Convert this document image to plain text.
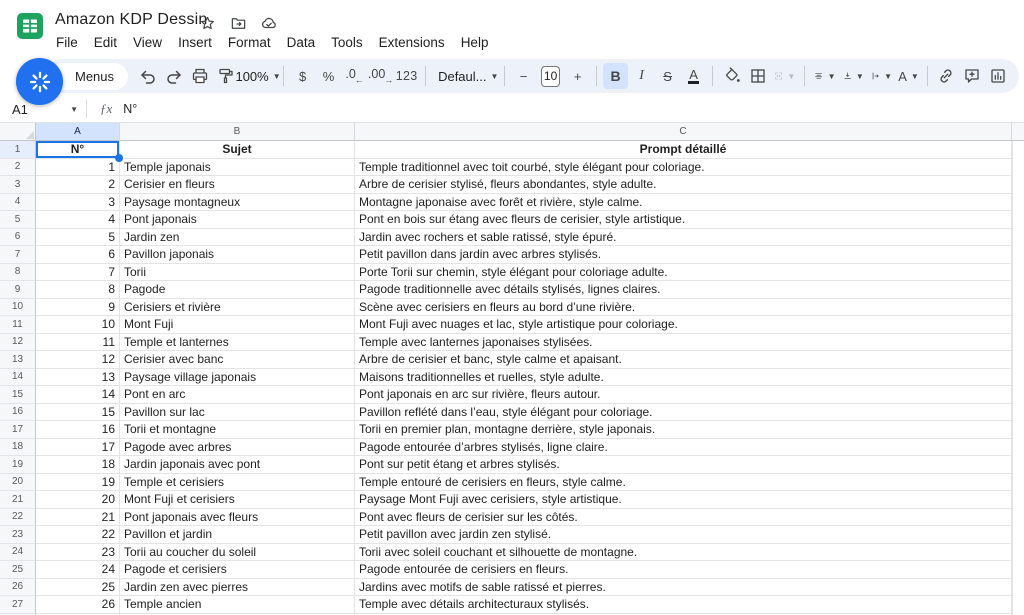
Amazon KDP Dessin
File	Edit	View	Insert	Format	Data	Tools	Extensions	Help
Menus	100% ▼	$	% .0 ← .00 → 123 Defaul... ▼	−	10	+	B I S A	▼	▼	▼	▼ A ▼
A1	▼ ƒx N°
A	B	C
1	N°	Sujet	Prompt détaillé
2	1 Temple japonais	Temple traditionnel avec toit courbé, style élégant pour coloriage.
3	2 Cerisier en fleurs	Arbre de cerisier stylisé, fleurs abondantes, style adulte.
4	3 Paysage montagneux	Montagne japonaise avec forêt et rivière, style calme.
5	4 Pont japonais	Pont en bois sur étang avec fleurs de cerisier, style artistique.
6	5 Jardin zen	Jardin avec rochers et sable ratissé, style épuré.
7	6 Pavillon japonais	Petit pavillon dans jardin avec arbres stylisés.
8	7 Torii	Porte Torii sur chemin, style élégant pour coloriage adulte.
9	8 Pagode	Pagode traditionnelle avec détails stylisés, lignes claires.
10	9 Cerisiers et rivière	Scène avec cerisiers en fleurs au bord d’une rivière.
11	10 Mont Fuji	Mont Fuji avec nuages et lac, style artistique pour coloriage.
12	11 Temple et lanternes	Temple avec lanternes japonaises stylisées.
13	12 Cerisier avec banc	Arbre de cerisier et banc, style calme et apaisant.
14	13 Paysage village japonais	Maisons traditionnelles et ruelles, style adulte.
15	14 Pont en arc	Pont japonais en arc sur rivière, fleurs autour.
16	15 Pavillon sur lac	Pavillon reflété dans l’eau, style élégant pour coloriage.
17	16 Torii et montagne	Torii en premier plan, montagne derrière, style japonais.
18	17 Pagode avec arbres	Pagode entourée d’arbres stylisés, ligne claire.
19	18 Jardin japonais avec pont	Pont sur petit étang et arbres stylisés.
20	19 Temple et cerisiers	Temple entouré de cerisiers en fleurs, style calme.
21	20 Mont Fuji et cerisiers	Paysage Mont Fuji avec cerisiers, style artistique.
22	21 Pont japonais avec fleurs	Pont avec fleurs de cerisier sur les côtés.
23	22 Pavillon et jardin	Petit pavillon avec jardin zen stylisé.
24	23 Torii au coucher du soleil	Torii avec soleil couchant et silhouette de montagne.
25	24 Pagode et cerisiers	Pagode entourée de cerisiers en fleurs.
26	25 Jardin zen avec pierres	Jardins avec motifs de sable ratissé et pierres.
27	26 Temple ancien	Temple avec détails architecturaux stylisés.
